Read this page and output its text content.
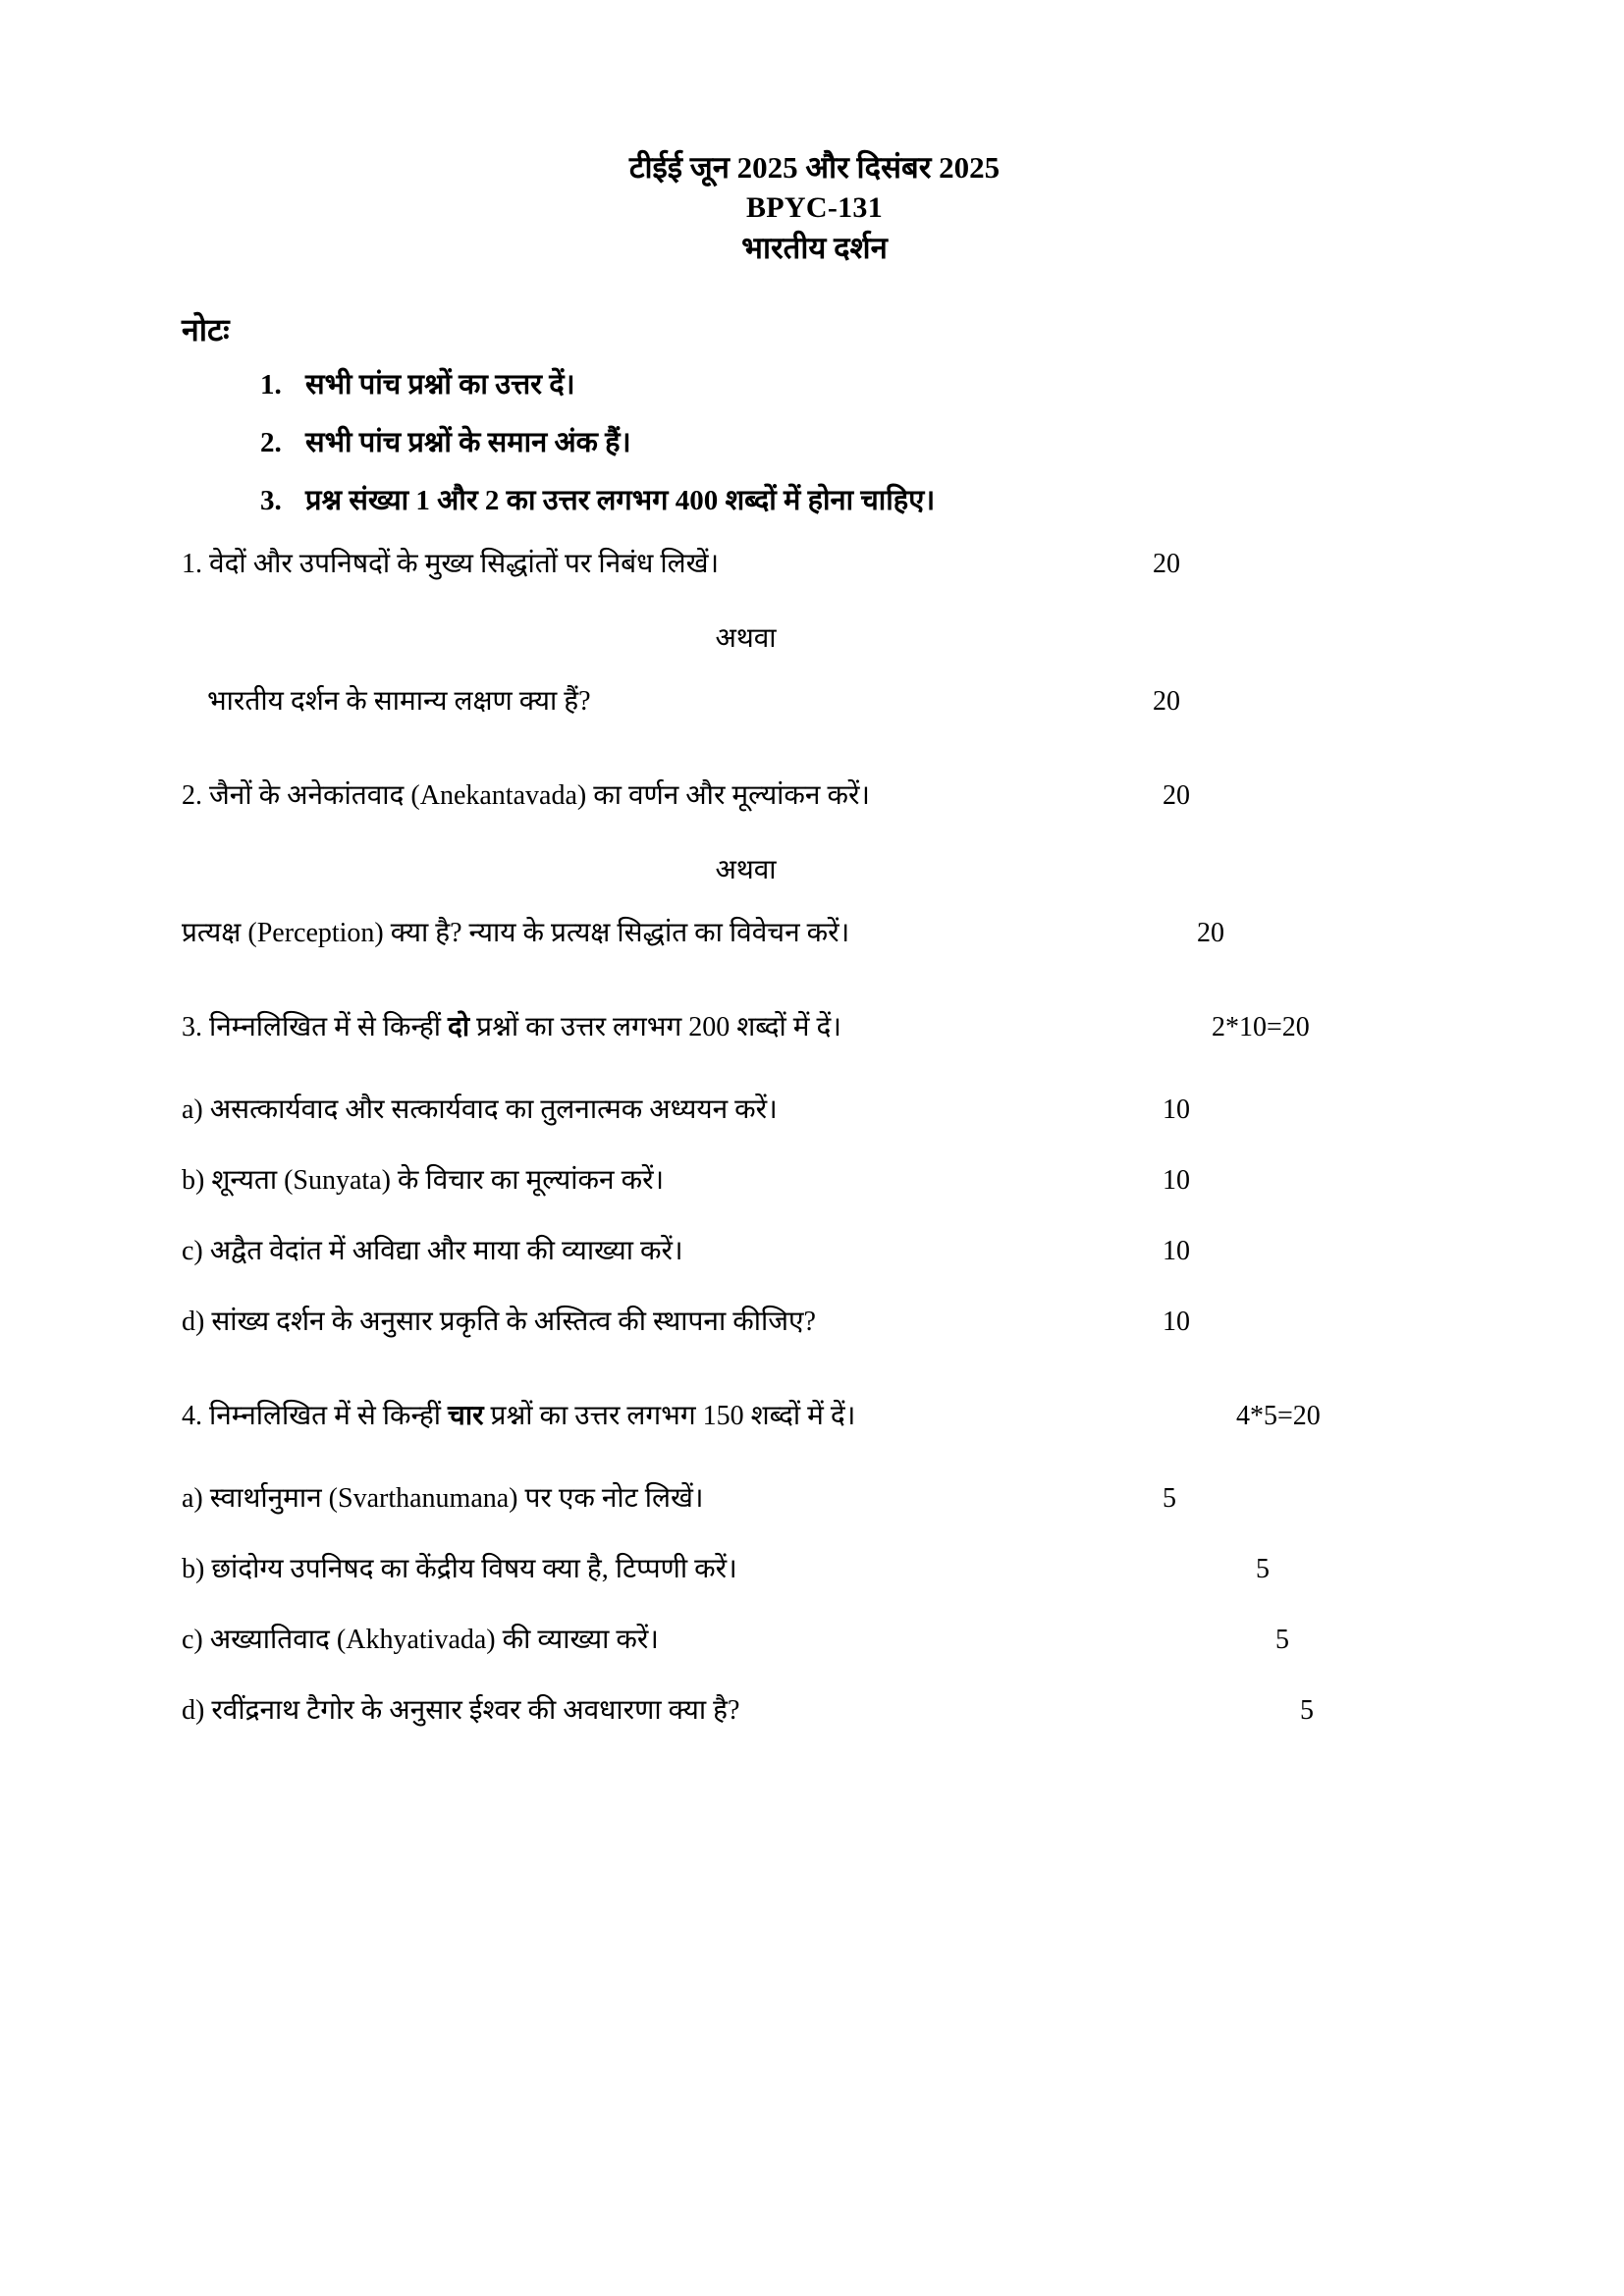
टीईई जून 2025 और दिसंबर 2025
BPYC-131
भारतीय दर्शन
नोटः
1. सभी पांच प्रश्नों का उत्तर दें।
2. सभी पांच प्रश्नों के समान अंक हैं।
3. प्रश्न संख्या 1 और 2 का उत्तर लगभग 400 शब्दों में होना चाहिए।
1. वेदों और उपनिषदों के मुख्य सिद्धांतों पर निबंध लिखें।	20
अथवा
भारतीय दर्शन के सामान्य लक्षण क्या हैं?	20
2. जैनों के अनेकांतवाद (Anekantavada) का वर्णन और मूल्यांकन करें।	20
अथवा
प्रत्यक्ष (Perception) क्या है? न्याय के प्रत्यक्ष सिद्धांत का विवेचन करें।	20
3. निम्नलिखित में से किन्हीं दो प्रश्नों का उत्तर लगभग 200 शब्दों में दें।	2*10=20
a) असत्कार्यवाद और सत्कार्यवाद का तुलनात्मक अध्ययन करें।	10
b) शून्यता (Sunyata) के विचार का मूल्यांकन करें।	10
c) अद्वैत वेदांत में अविद्या और माया की व्याख्या करें।	10
d) सांख्य दर्शन के अनुसार प्रकृति के अस्तित्व की स्थापना कीजिए?	10
4. निम्नलिखित में से किन्हीं चार प्रश्नों का उत्तर लगभग 150 शब्दों में दें।	4*5=20
a) स्वार्थानुमान (Svarthanumana) पर एक नोट लिखें।	5
b) छांदोग्य उपनिषद का केंद्रीय विषय क्या है, टिप्पणी करें।	5
c) अख्यातिवाद (Akhyativada) की व्याख्या करें।	5
d) रवींद्रनाथ टैगोर के अनुसार ईश्वर की अवधारणा क्या है?	5
